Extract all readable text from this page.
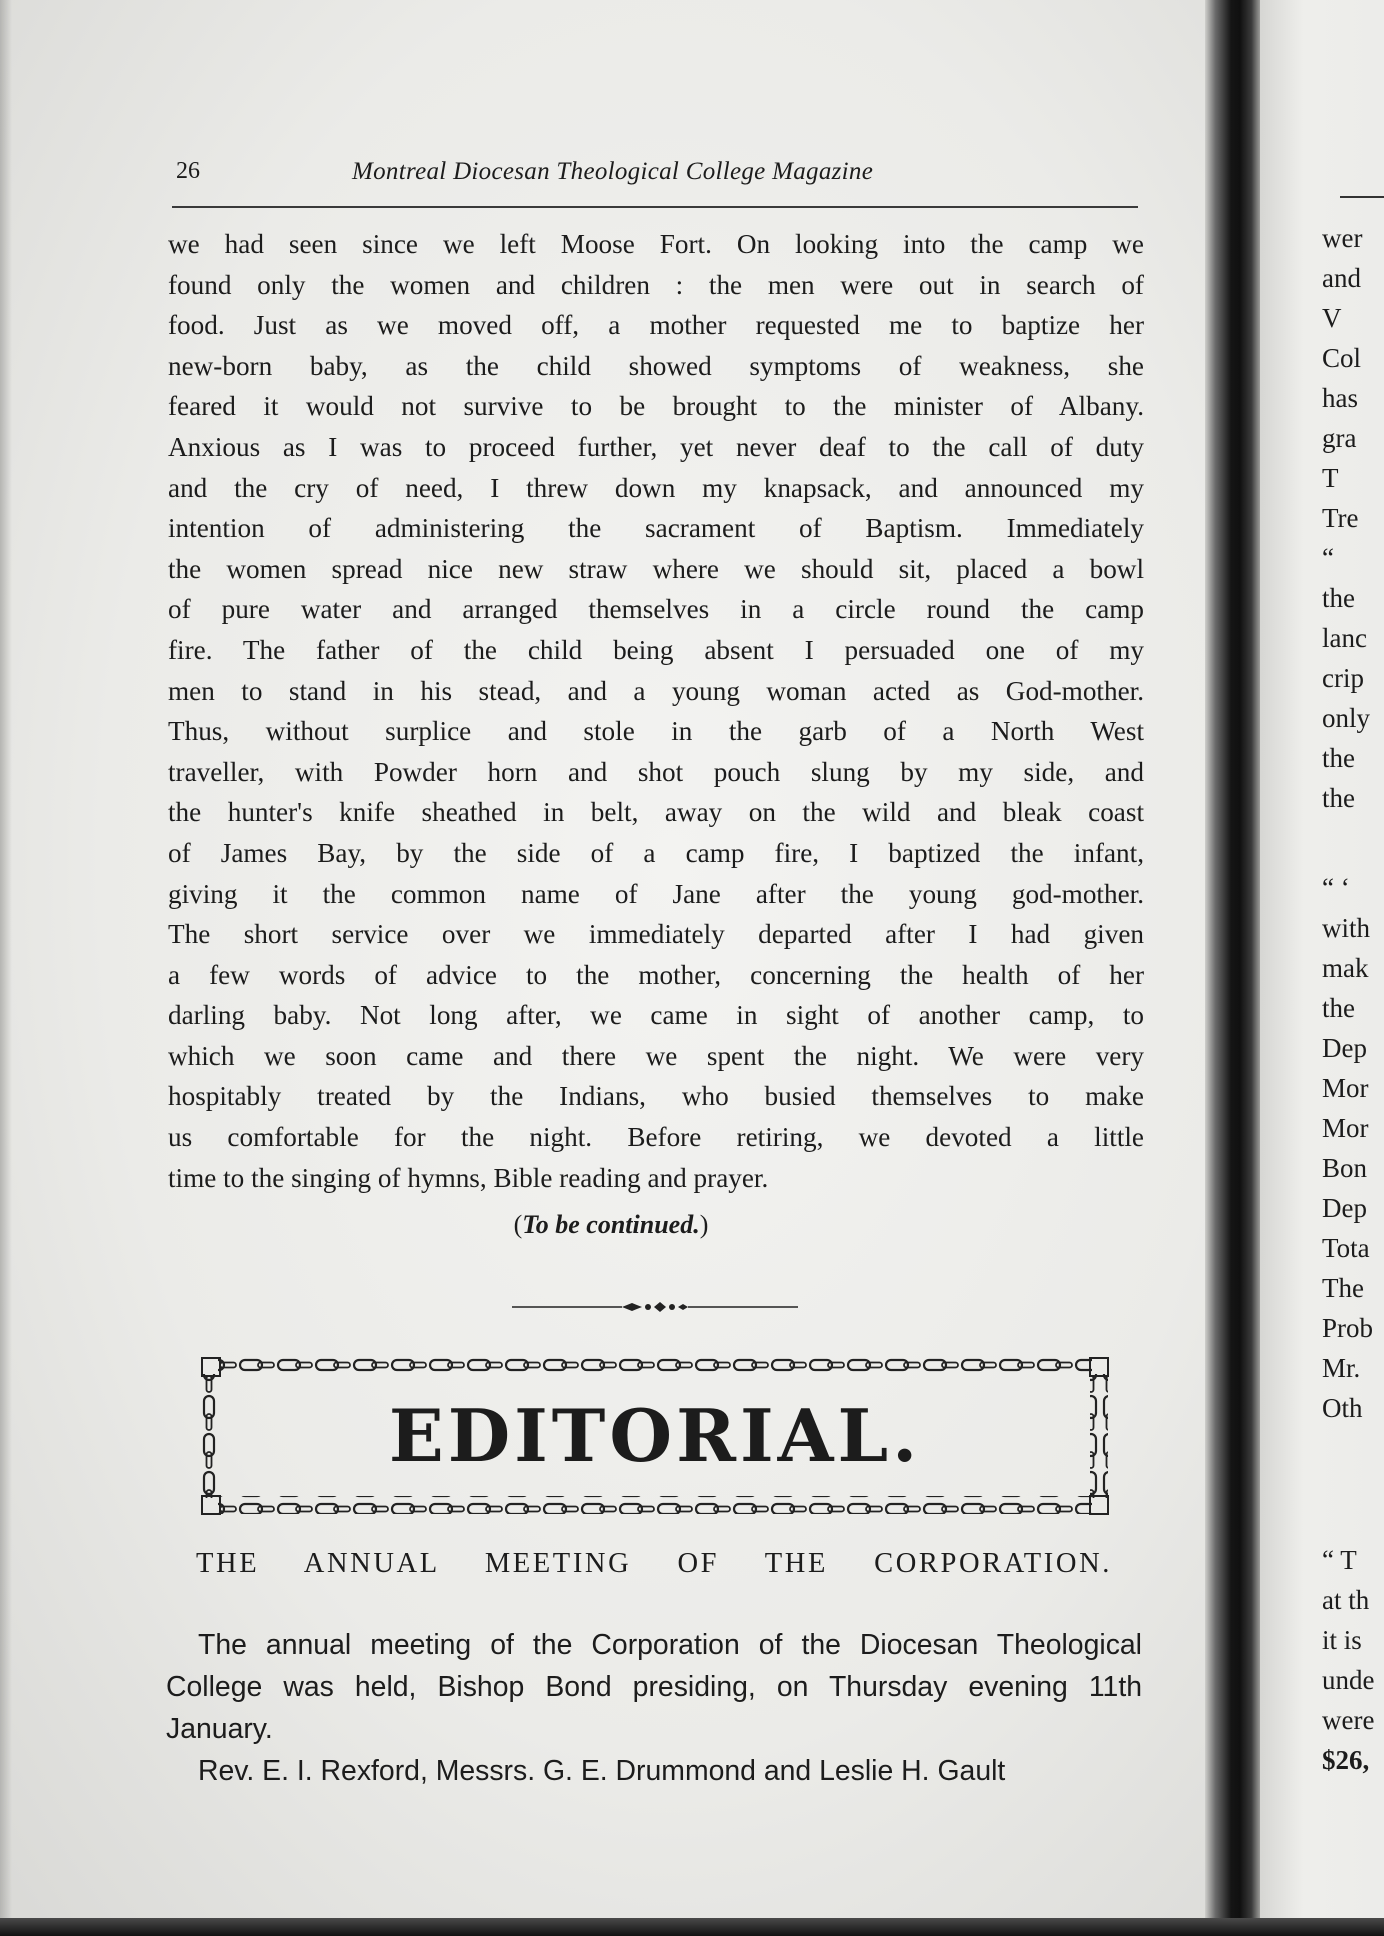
26	Montreal Diocesan Theological College Magazine
we had seen since we left Moose Fort. On looking into the camp we
found only the women and children : the men were out in search of
food. Just as we moved off, a mother requested me to baptize her
new-born baby, as the child showed symptoms of weakness, she
feared it would not survive to be brought to the minister of Albany.
Anxious as I was to proceed further, yet never deaf to the call of duty
and the cry of need, I threw down my knapsack, and announced my
intention of administering the sacrament of Baptism. Immediately
the women spread nice new straw where we should sit, placed a bowl
of pure water and arranged themselves in a circle round the camp
fire. The father of the child being absent I persuaded one of my
men to stand in his stead, and a young woman acted as God-mother.
Thus, without surplice and stole in the garb of a North West
traveller, with Powder horn and shot pouch slung by my side, and
the hunter's knife sheathed in belt, away on the wild and bleak coast
of James Bay, by the side of a camp fire, I baptized the infant,
giving it the common name of Jane after the young god-mother.
The short service over we immediately departed after I had given
a few words of advice to the mother, concerning the health of her
darling baby. Not long after, we came in sight of another camp, to
which we soon came and there we spent the night. We were very
hospitably treated by the Indians, who busied themselves to make
us comfortable for the night. Before retiring, we devoted a little
time to the singing of hymns, Bible reading and prayer.
(To be continued.)
EDITORIAL.
THE ANNUAL MEETING OF THE CORPORATION.
The annual meeting of the Corporation of the Diocesan Theological
College was held, Bishop Bond presiding, on Thursday evening 11th
January.
Rev. E. I. Rexford, Messrs. G. E. Drummond and Leslie H. Gault
wer
and
V
Col
has
gra
T
Tre
“
the
lanc
crip
only
the
the
“ ‘
with
mak
the
Dep
Mor
Mor
Bon
Dep
Tota
The
Prob
Mr.
Oth
“ T
at th
it is
unde
were
$26,
